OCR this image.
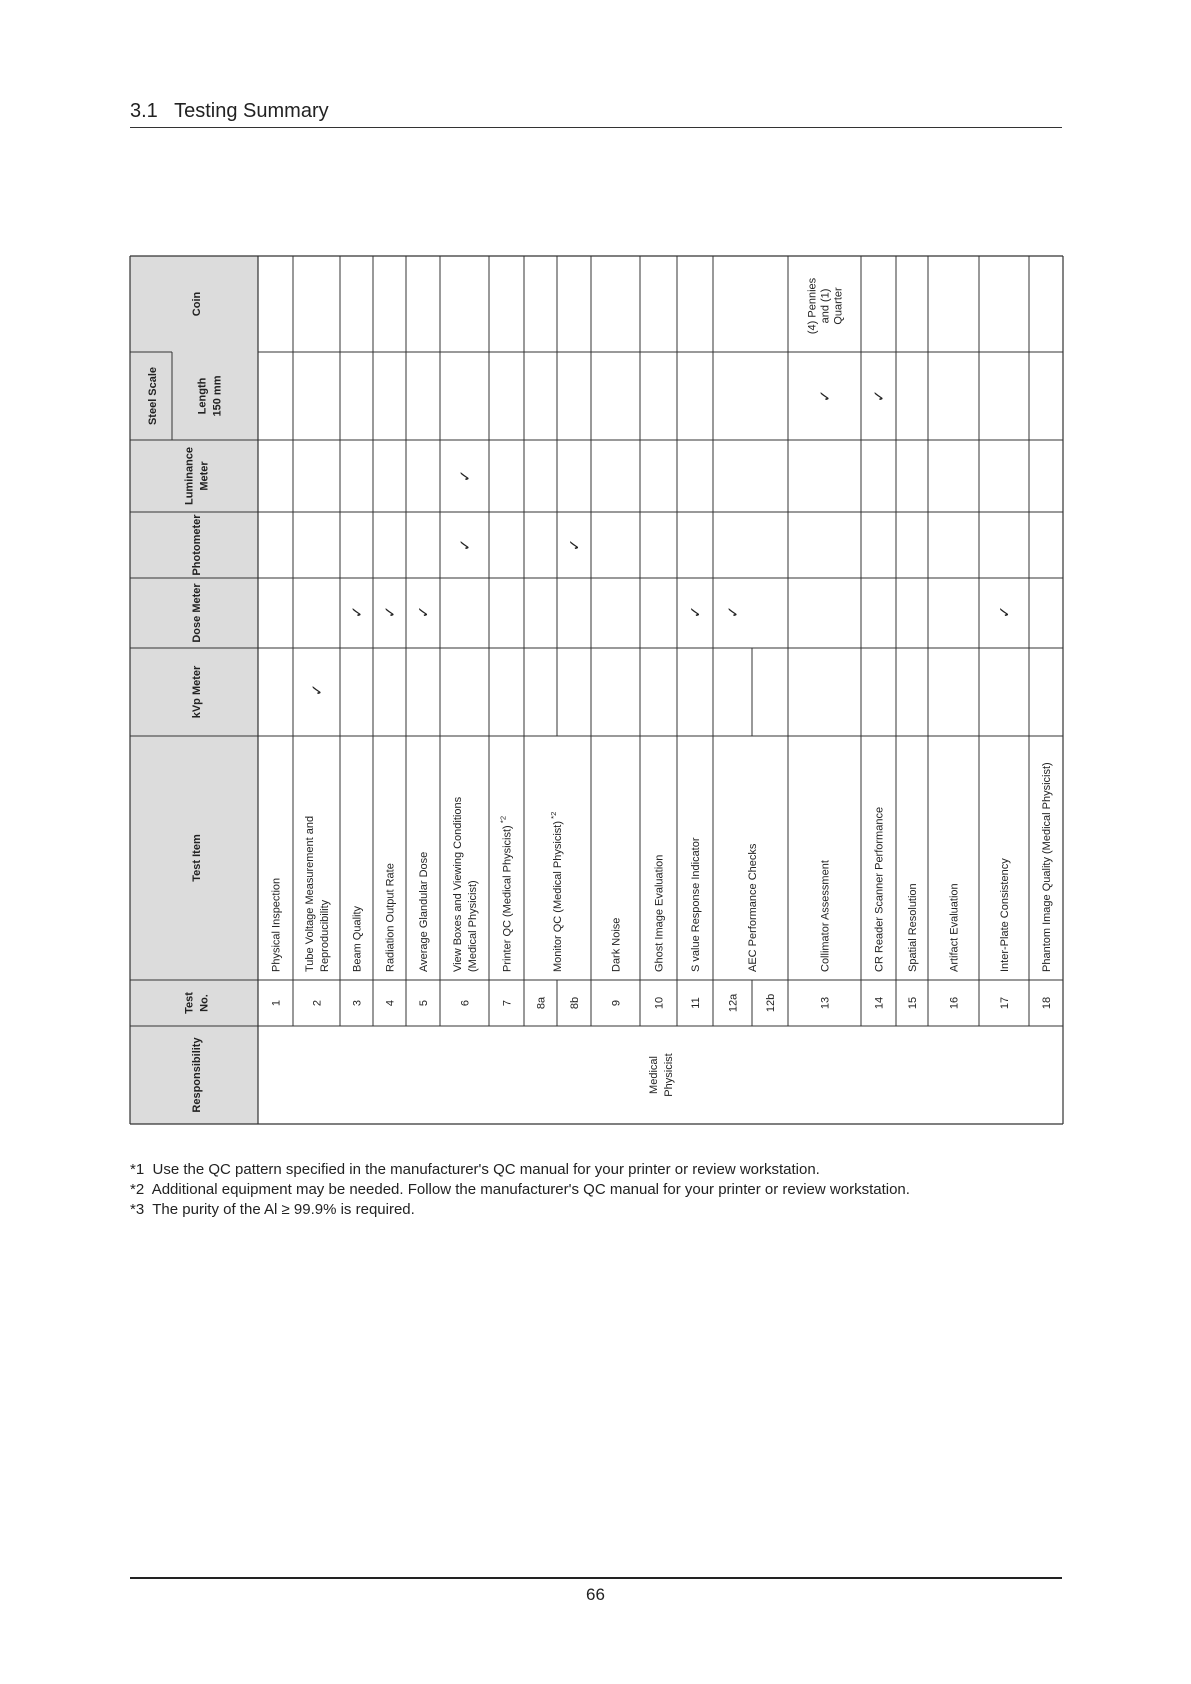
3.1 Testing Summary
Coin
Steel Scale	Length 150 mm
Luminance Meter
Photometer
Dose Meter
kVp Meter
Test Item
Test No.
Responsibility
1
Physical Inspection
2
Tube Voltage Measurement and Reproducibility
✓
3
Beam Quality
✓
4
Radiation Output Rate
✓
5
Average Glandular Dose
✓
6
View Boxes and Viewing Conditions (Medical Physicist)
✓
✓
7
Printer QC (Medical Physicist) $^{*2}$
8a 8b
✓
9
Dark Noise
10
Ghost Image Evaluation
11
S value Response Indicator
✓
12a
✓
12b	13
Collimator Assessment
✓
(4) Pennies and (1) Quarter
14
CR Reader Scanner Performance
✓
15
Spatial Resolution
16
Artifact Evaluation
17
Inter-Plate Consistency
✓
18
Phantom Image Quality (Medical Physicist)
Monitor QC (Medical Physicist) $^{*2}$
AEC Performance Checks
Medical Physicist
*1 Use the QC pattern specified in the manufacturer's QC manual for your printer or review workstation.
*2 Additional equipment may be needed. Follow the manufacturer's QC manual for your printer or review workstation.
*3 The purity of the Al ≥ 99.9% is required.
66
